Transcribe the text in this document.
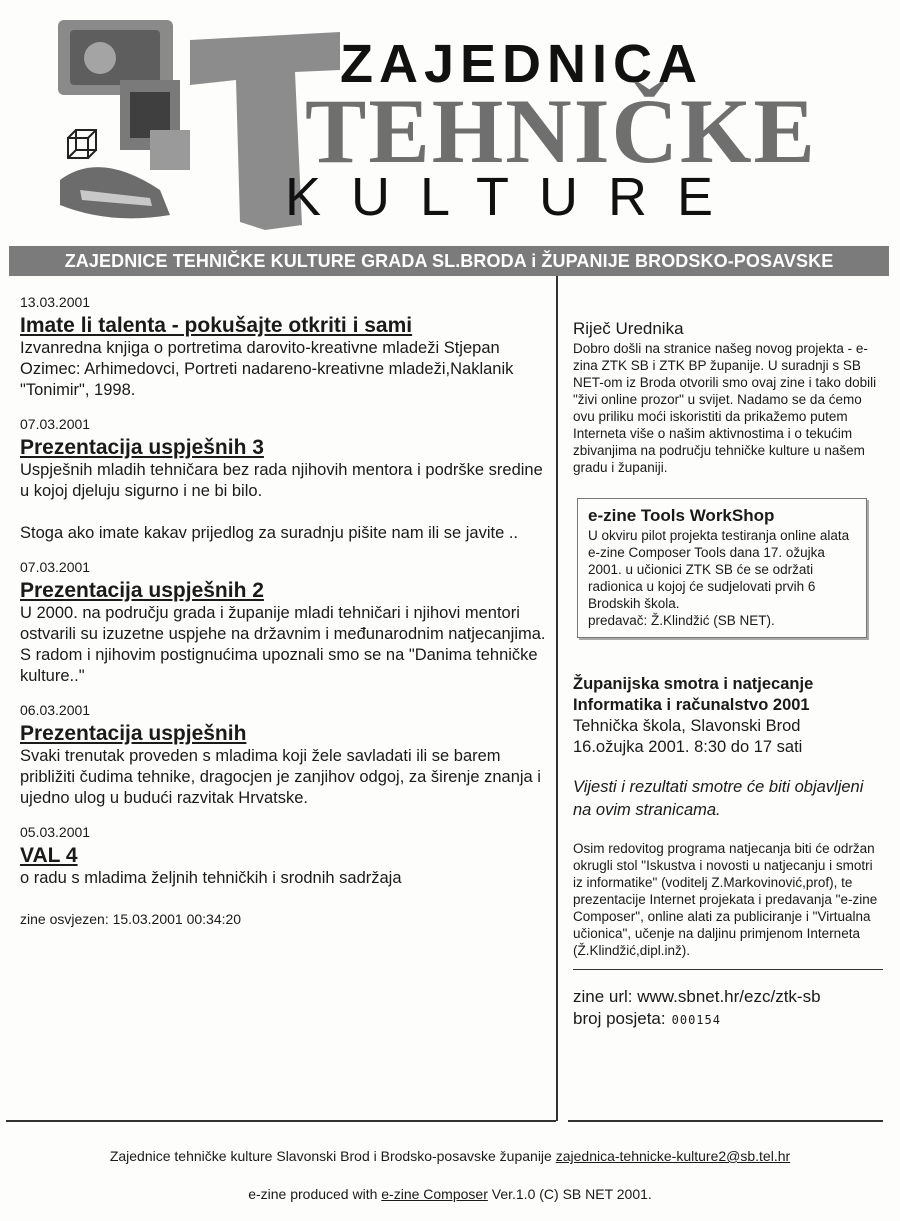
ZAJEDNICA
TEHNIČKE
KULTURE
ZAJEDNICE TEHNIČKE KULTURE GRADA SL.BRODA i ŽUPANIJE BRODSKO-POSAVSKE
13.03.2001
Imate li talenta - pokušajte otkriti i sami

Izvanredna knjiga o portretima darovito-kreativne mladeži Stjepan Ozimec: Arhimedovci, Portreti nadareno-kreativne mladeži,Naklanik "Tonimir", 1998.

07.03.2001
Prezentacija uspješnih 3

Uspješnih mladih tehničara bez rada njihovih mentora i podrške sredine u kojoj djeluju sigurno i ne bi bilo.

Stoga ako imate kakav prijedlog za suradnju pišite nam ili se javite ..

07.03.2001
Prezentacija uspješnih 2

U 2000. na području grada i županije mladi tehničari i njihovi mentori ostvarili su izuzetne uspjehe na državnim i međunarodnim natjecanjima.
S radom i njihovim postignućima upoznali smo se na "Danima tehničke kulture.."

06.03.2001
Prezentacija uspješnih

Svaki trenutak proveden s mladima koji žele savladati ili se barem približiti čudima tehnike, dragocjen je zanjihov odgoj, za širenje znanja i ujedno ulog u budući razvitak Hrvatske.

05.03.2001
VAL 4

o radu s mladima željnih tehničkih i srodnih sadržaja

zine osvjezen: 15.03.2001 00:34:20
Riječ Urednika
Dobro došli na stranice našeg novog projekta - e-zina ZTK SB i ZTK BP županije. U suradnji s SB NET-om iz Broda otvorili smo ovaj zine i tako dobili "živi online prozor" u svijet. Nadamo se da ćemo ovu priliku moći iskoristiti da prikažemo putem Interneta više o našim aktivnostima i o tekućim zbivanjima na području tehničke kulture u našem gradu i županiji.
e-zine Tools WorkShop
U okviru pilot projekta testiranja online alata e-zine Composer Tools dana 17. ožujka 2001. u učionici ZTK SB će se održati radionica u kojoj će sudjelovati prvih 6 Brodskih škola.
predavač: Ž.Klindžić (SB NET).
Županijska smotra i natjecanje
Informatika i računalstvo 2001
Tehnička škola, Slavonski Brod
16.ožujka 2001. 8:30 do 17 sati
Vijesti i rezultati smotre će biti objavljeni na ovim stranicama.
Osim redovitog programa natjecanja biti će održan okrugli stol "Iskustva i novosti u natjecanju i smotri iz informatike" (voditelj Z.Markovinović,prof), te prezentacije Internet projekata i predavanja "e-zine Composer", online alati za publiciranje i "Virtualna učionica", učenje na daljinu primjenom Interneta (Ž.Klindžić,dipl.inž).
zine url: www.sbnet.hr/ezc/ztk-sb
broj posjeta: 000154
Zajednice tehničke kulture Slavonski Brod i Brodsko-posavske županije zajednica-tehnicke-kulture2@sb.tel.hr
e-zine produced with e-zine Composer Ver.1.0 (C) SB NET 2001.
